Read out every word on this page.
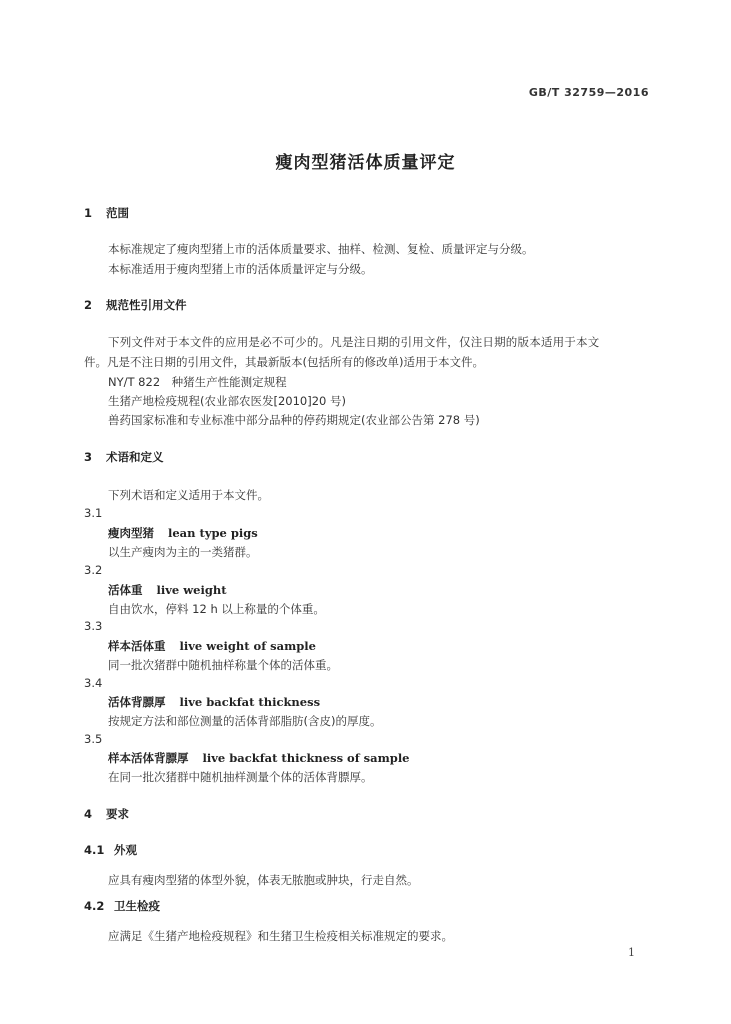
GB/T 32759—2016
瘦肉型猪活体质量评定
1 范围
本标准规定了瘦肉型猪上市的活体质量要求、抽样、检测、复检、质量评定与分级。
本标准适用于瘦肉型猪上市的活体质量评定与分级。
2 规范性引用文件
下列文件对于本文件的应用是必不可少的。凡是注日期的引用文件，仅注日期的版本适用于本文
件。凡是不注日期的引用文件，其最新版本(包括所有的修改单)适用于本文件。
NY/T 822　种猪生产性能测定规程
生猪产地检疫规程(农业部农医发[2010]20 号)
兽药国家标准和专业标准中部分品种的停药期规定(农业部公告第 278 号)
3 术语和定义
下列术语和定义适用于本文件。
3.1
瘦肉型猪 lean type pigs
以生产瘦肉为主的一类猪群。
3.2
活体重 live weight
自由饮水，停料 12 h 以上称量的个体重。
3.3
样本活体重 live weight of sample
同一批次猪群中随机抽样称量个体的活体重。
3.4
活体背膘厚 live backfat thickness
按规定方法和部位测量的活体背部脂肪(含皮)的厚度。
3.5
样本活体背膘厚 live backfat thickness of sample
在同一批次猪群中随机抽样测量个体的活体背膘厚。
4 要求
4.1 外观
应具有瘦肉型猪的体型外貌，体表无脓胞或肿块，行走自然。
4.2 卫生检疫
应满足《生猪产地检疫规程》和生猪卫生检疫相关标准规定的要求。
1
